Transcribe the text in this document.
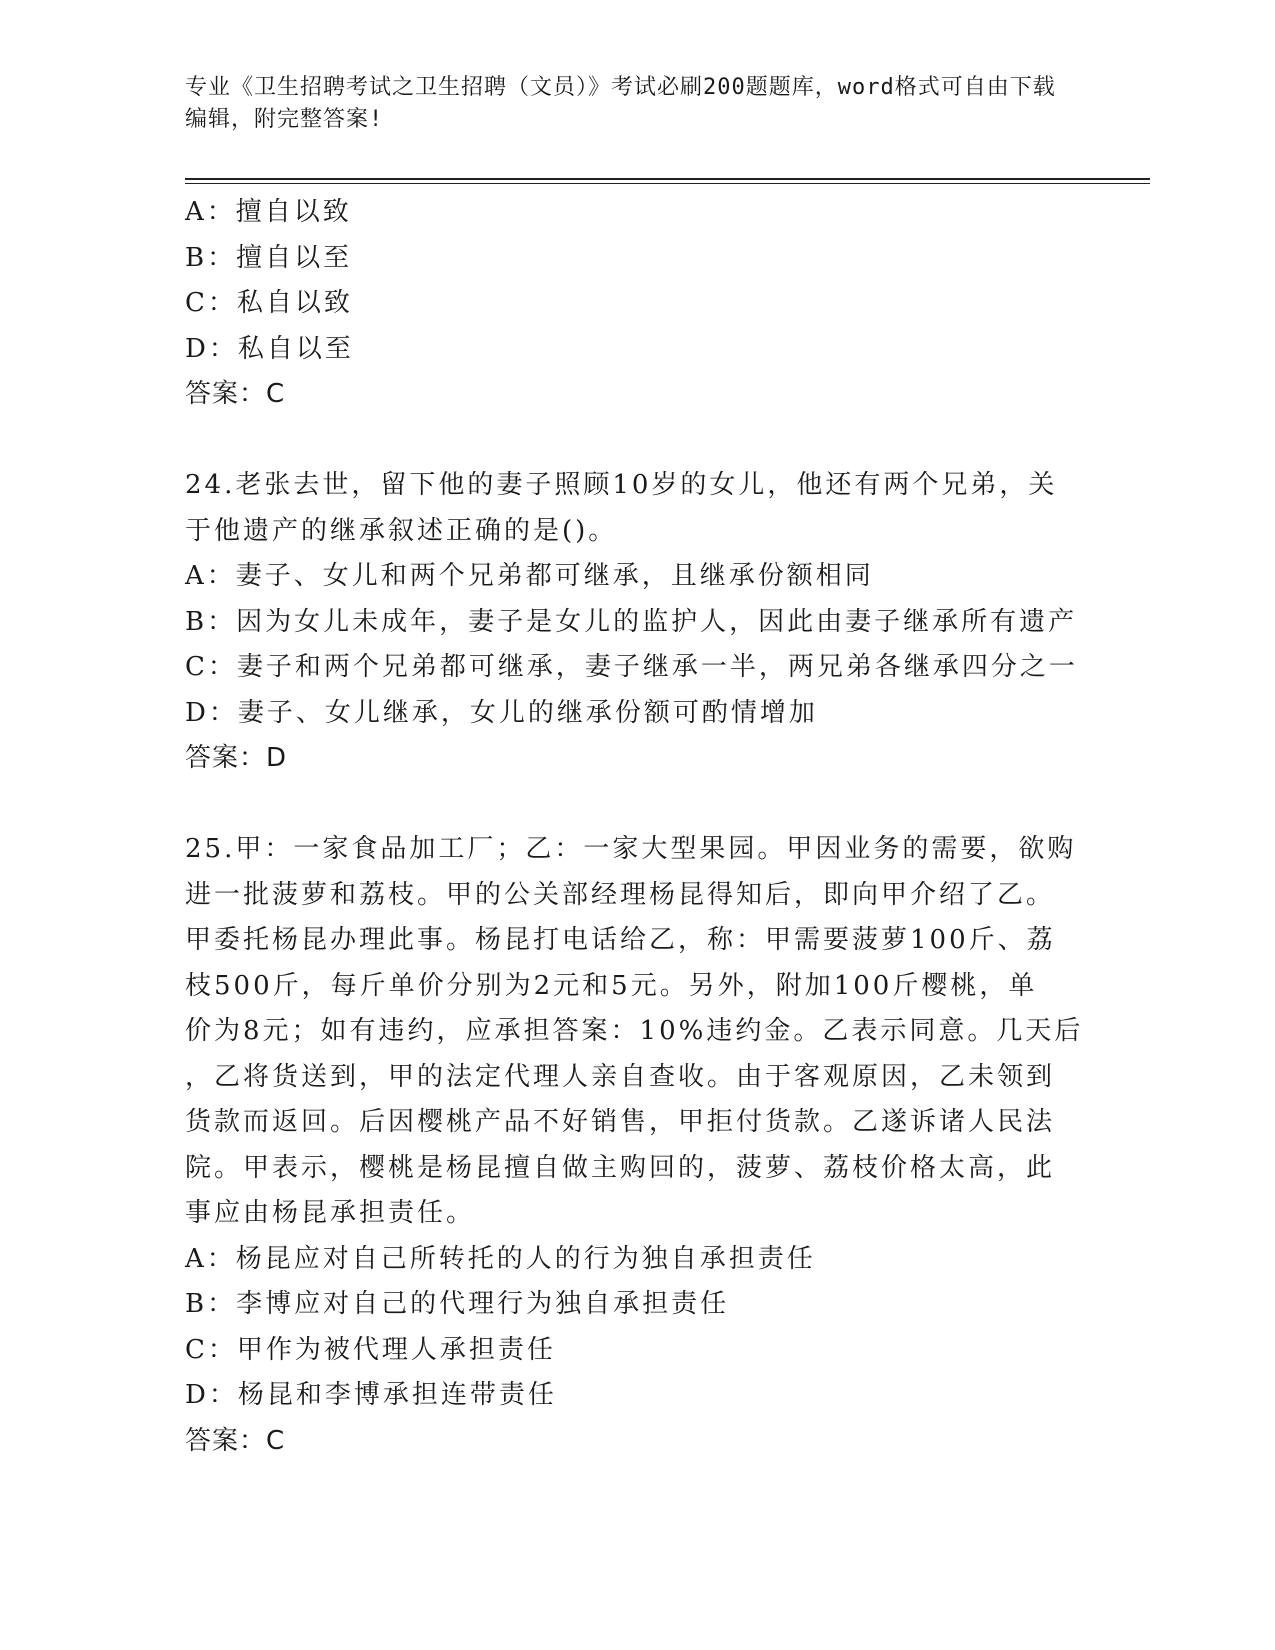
专业《卫生招聘考试之卫生招聘（文员）》考试必刷200题题库，word格式可自由下载编辑，附完整答案!
A：擅自以致
B：擅自以至
C：私自以致
D：私自以至
答案：C
24.老张去世，留下他的妻子照顾10岁的女儿，他还有两个兄弟，关
于他遗产的继承叙述正确的是()。
A：妻子、女儿和两个兄弟都可继承，且继承份额相同
B：因为女儿未成年，妻子是女儿的监护人，因此由妻子继承所有遗产
C：妻子和两个兄弟都可继承，妻子继承一半，两兄弟各继承四分之一
D：妻子、女儿继承，女儿的继承份额可酌情增加
答案：D
25.甲：一家食品加工厂；乙：一家大型果园。甲因业务的需要，欲购
进一批菠萝和荔枝。甲的公关部经理杨昆得知后，即向甲介绍了乙。
甲委托杨昆办理此事。杨昆打电话给乙，称：甲需要菠萝100斤、荔
枝500斤，每斤单价分别为2元和5元。另外，附加100斤樱桃，单
价为8元；如有违约，应承担答案：10%违约金。乙表示同意。几天后
，乙将货送到，甲的法定代理人亲自查收。由于客观原因，乙未领到
货款而返回。后因樱桃产品不好销售，甲拒付货款。乙遂诉诸人民法
院。甲表示，樱桃是杨昆擅自做主购回的，菠萝、荔枝价格太高，此
事应由杨昆承担责任。
A：杨昆应对自己所转托的人的行为独自承担责任
B：李博应对自己的代理行为独自承担责任
C：甲作为被代理人承担责任
D：杨昆和李博承担连带责任
答案：C
